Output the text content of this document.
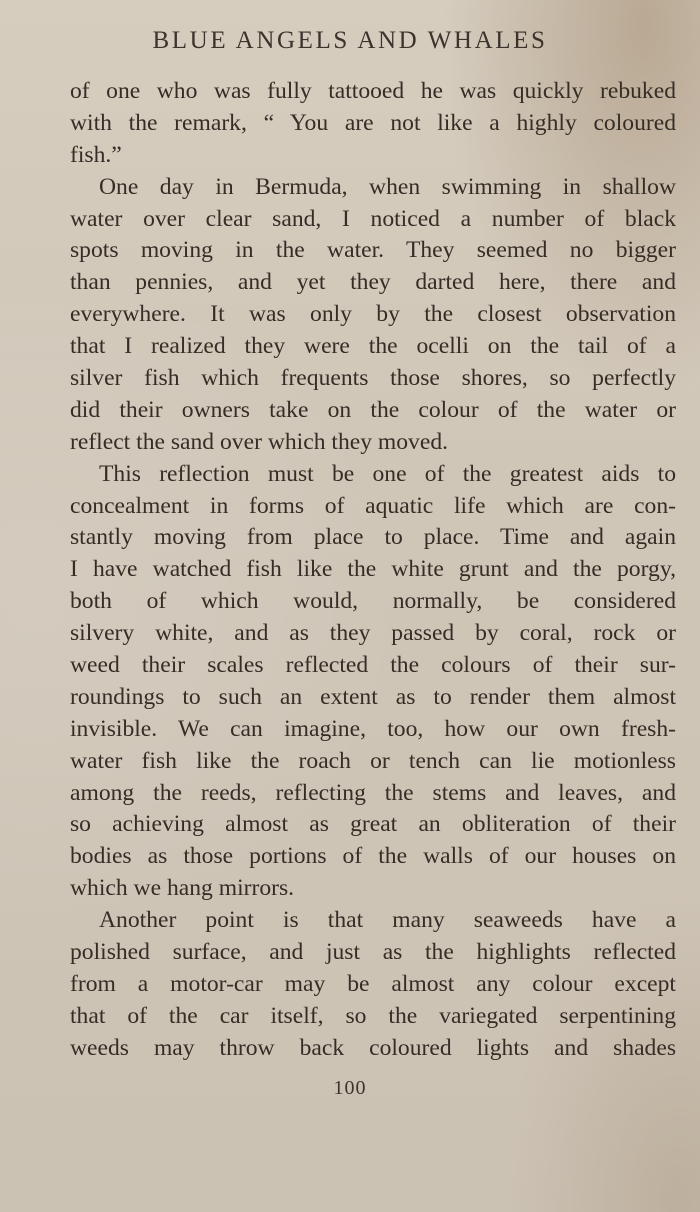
BLUE ANGELS AND WHALES
of one who was fully tattooed he was quickly rebuked
with the remark, “ You are not like a highly coloured
fish.”
One day in Bermuda, when swimming in shallow
water over clear sand, I noticed a number of black
spots moving in the water. They seemed no bigger
than pennies, and yet they darted here, there and
everywhere. It was only by the closest observation
that I realized they were the ocelli on the tail of a
silver fish which frequents those shores, so perfectly
did their owners take on the colour of the water or
reflect the sand over which they moved.
This reflection must be one of the greatest aids to
concealment in forms of aquatic life which are con-
stantly moving from place to place. Time and again
I have watched fish like the white grunt and the porgy,
both of which would, normally, be considered
silvery white, and as they passed by coral, rock or
weed their scales reflected the colours of their sur-
roundings to such an extent as to render them almost
invisible. We can imagine, too, how our own fresh-
water fish like the roach or tench can lie motionless
among the reeds, reflecting the stems and leaves, and
so achieving almost as great an obliteration of their
bodies as those portions of the walls of our houses on
which we hang mirrors.
Another point is that many seaweeds have a
polished surface, and just as the highlights reflected
from a motor-car may be almost any colour except
that of the car itself, so the variegated serpentining
weeds may throw back coloured lights and shades
100
